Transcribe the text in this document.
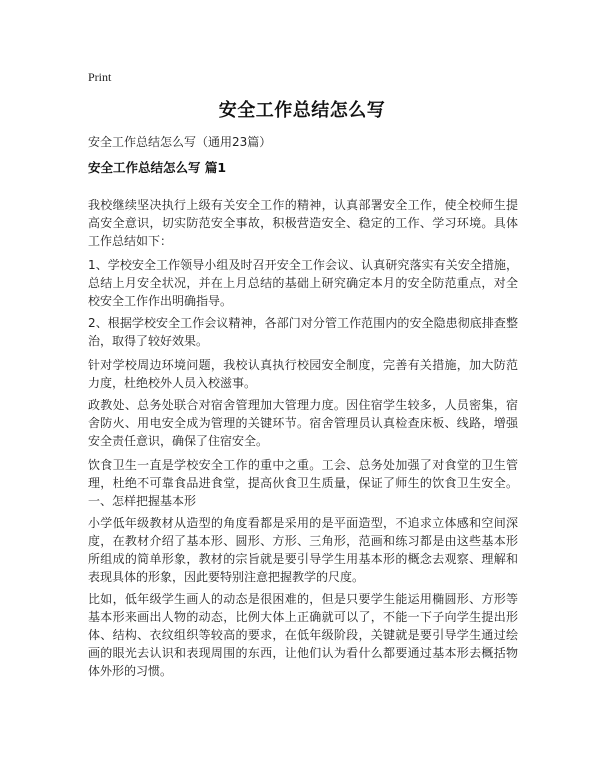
Print
安全工作总结怎么写
安全工作总结怎么写（通用23篇）
安全工作总结怎么写 篇1

我校继续坚决执行上级有关安全工作的精神，认真部署安全工作，使全校师生提高安全意识，切实防范安全事故，积极营造安全、稳定的工作、学习环境。具体工作总结如下：

1、学校安全工作领导小组及时召开安全工作会议、认真研究落实有关安全措施，总结上月安全状况，并在上月总结的基础上研究确定本月的安全防范重点，对全校安全工作作出明确指导。

2、根据学校安全工作会议精神，各部门对分管工作范围内的安全隐患彻底排查整治，取得了较好效果。

针对学校周边环境问题，我校认真执行校园安全制度，完善有关措施，加大防范力度，杜绝校外人员入校滋事。

政教处、总务处联合对宿舍管理加大管理力度。因住宿学生较多，人员密集，宿舍防火、用电安全成为管理的关键环节。宿舍管理员认真检查床板、线路，增强安全责任意识，确保了住宿安全。

饮食卫生一直是学校安全工作的重中之重。工会、总务处加强了对食堂的卫生管理，杜绝不可靠食品进食堂，提高伙食卫生质量，保证了师生的饮食卫生安全。一、怎样把握基本形

小学低年级教材从造型的角度看都是采用的是平面造型，不追求立体感和空间深度，在教材介绍了基本形、圆形、方形、三角形，范画和练习都是由这些基本形所组成的简单形象，教材的宗旨就是要引导学生用基本形的概念去观察、理解和表现具体的形象，因此要特别注意把握教学的尺度。

比如，低年级学生画人的动态是很困难的，但是只要学生能运用椭圆形、方形等基本形来画出人物的动态，比例大体上正确就可以了，不能一下子向学生提出形体、结构、衣纹组织等较高的要求，在低年级阶段，关键就是要引导学生通过绘画的眼光去认识和表现周围的东西，让他们认为看什么都要通过基本形去概括物体外形的习惯。
